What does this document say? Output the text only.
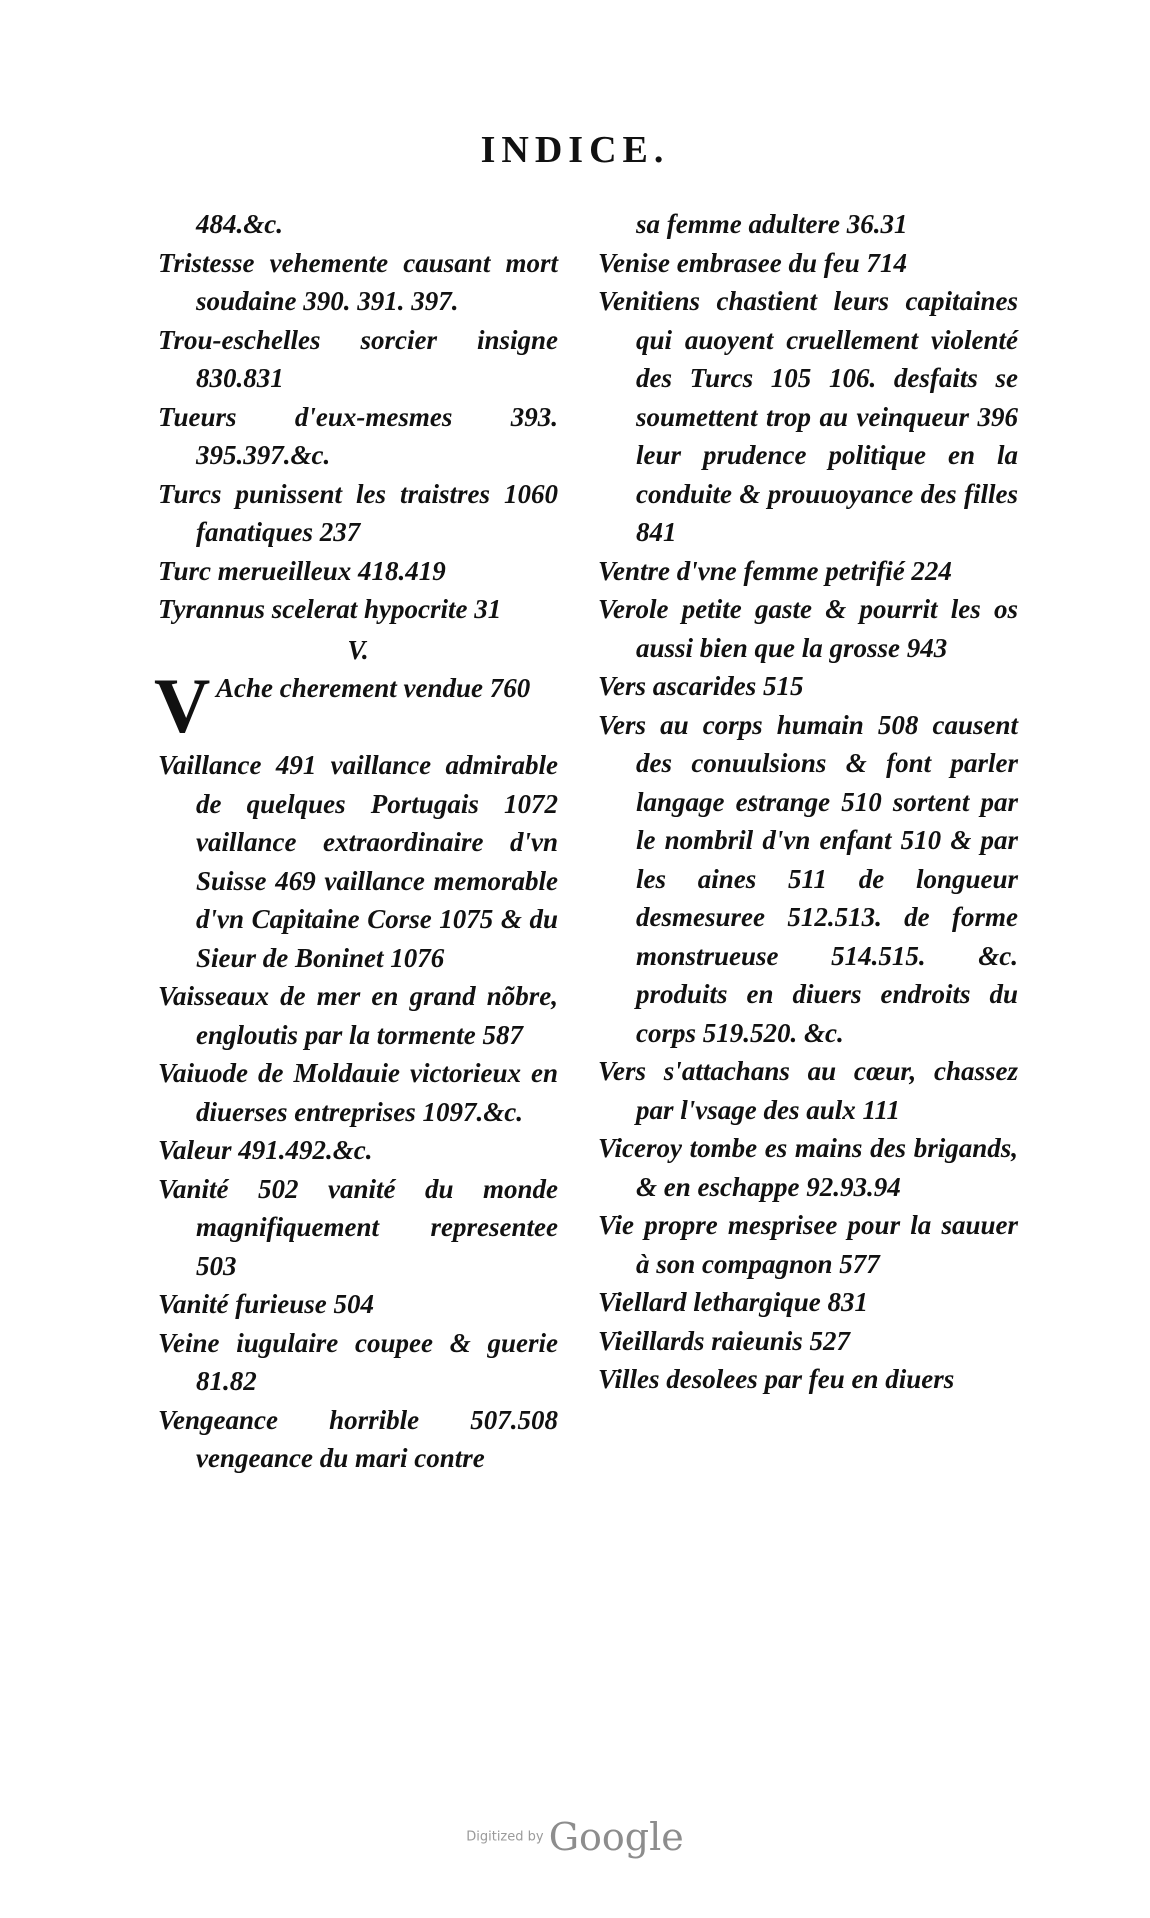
INDICE.

484.&c.

Tristesse vehemente causant mort soudaine 390. 391. 397.

Trou-eschelles sorcier insigne 830.831

Tueurs d'eux-mesmes 393. 395.397.&c.

Turcs punissent les traistres 1060 fanatiques 237

Turc merueilleux 418.419

Tyrannus scelerat hypocrite 31

V.

V Ache cherement vendue 760

Vaillance 491 vaillance admirable de quelques Portugais 1072 vaillance extraordinaire d'vn Suisse 469 vaillance memorable d'vn Capitaine Corse 1075 & du Sieur de Boninet 1076

Vaisseaux de mer en grand nõbre, engloutis par la tormente 587

Vaiuode de Moldauie victorieux en diuerses entreprises 1097.&c.

Valeur 491.492.&c.

Vanité 502 vanité du monde magnifiquement representee 503

Vanité furieuse 504

Veine iugulaire coupee & guerie 81.82

Vengeance horrible 507.508 vengeance du mari contre

sa femme adultere 36.31

Venise embrasee du feu 714

Venitiens chastient leurs capitaines qui auoyent cruellement violenté des Turcs 105 106. desfaits se soumettent trop au veinqueur 396 leur prudence politique en la conduite & prouuoyance des filles 841

Ventre d'vne femme petrifié 224

Verole petite gaste & pourrit les os aussi bien que la grosse 943

Vers ascarides 515

Vers au corps humain 508 causent des conuulsions & font parler langage estrange 510 sortent par le nombril d'vn enfant 510 & par les aines 511 de longueur desmesuree 512.513. de forme monstrueuse 514.515. &c. produits en diuers endroits du corps 519.520. &c.

Vers s'attachans au cœur, chassez par l'vsage des aulx 111

Viceroy tombe es mains des brigands, & en eschappe 92.93.94

Vie propre mesprisee pour la sauuer à son compagnon 577

Viellard lethargique 831

Vieillards raieunis 527

Villes desolees par feu en diuers

Digitized by Google
